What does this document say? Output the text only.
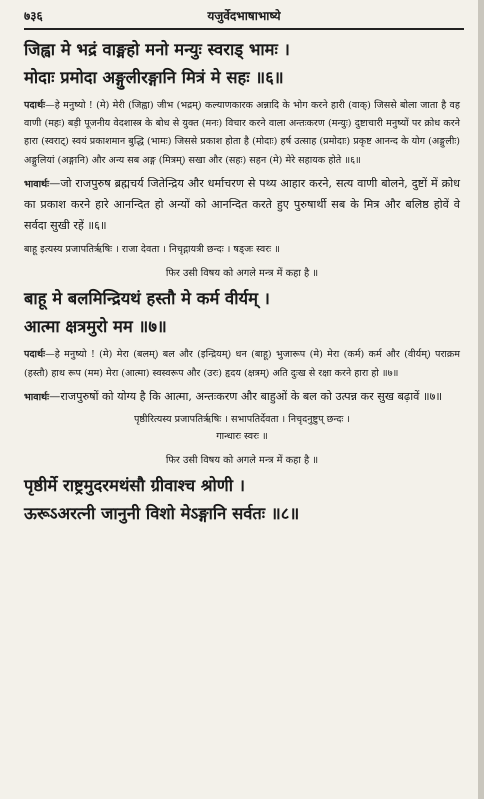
७३६	यजुर्वेदभाषाभाष्ये
जिह्वा मे भद्रं वाङ्महो मनो मन्युः स्वराड् भामः ।
मोदाः प्रमोदा अङ्गुलीरङ्गानि मित्रं मे सहः ॥६॥
पदार्थः—हे मनुष्यो ! (मे) मेरी (जिह्वा) जीभ (भद्रम्) कल्याणकारक अन्नादि के भोग करने हारी (वाक्) जिससे बोला जाता है वह वाणी (महः) बड़ी पूजनीय वेदशास्त्र के बोध से युक्त (मनः) विचार करने वाला अन्तःकरण (मन्युः) दुष्टाचारी मनुष्यों पर क्रोध करने हारा (स्वराट्) स्वयं प्रकाशमान बुद्धि (भामः) जिससे प्रकाश होता है (मोदाः) हर्ष उत्साह (प्रमोदाः) प्रकृष्ट आनन्द के योग (अङ्गुलीः) अङ्गुलियां (अङ्गानि) और अन्य सब अङ्ग (मित्रम्) सखा और (सहः) सहन (मे) मेरे सहायक होते ॥६॥
भावार्थः—जो राजपुरुष ब्रह्मचर्य जितेन्द्रिय और धर्माचरण से पथ्य आहार करने, सत्य वाणी बोलने, दुष्टों में क्रोध का प्रकाश करने हारे आनन्दित हो अन्यों को आनन्दित करते हुए पुरुषार्थी सब के मित्र और बलिष्ठ होवें वे सर्वदा सुखी रहें ॥६॥
बाहू इत्यस्य प्रजापतिर्ऋषिः । राजा देवता । निचृद्गायत्री छन्दः । षड्जः स्वरः ॥
फिर उसी विषय को अगले मन्त्र में कहा है ॥
बाहू मे बलमिन्द्रियथं हस्तौ मे कर्म वीर्यम् ।
आत्मा क्षत्रमुरो मम ॥७॥
पदार्थः—हे मनुष्यो ! (मे) मेरा (बलम्) बल और (इन्द्रियम्) धन (बाहू) भुजारूप (मे) मेरा (कर्म) कर्म और (वीर्यम्) पराक्रम (हस्तौ) हाथ रूप (मम) मेरा (आत्मा) स्वस्वरूप और (उरः) हृदय (क्षत्रम्) अति दुःख से रक्षा करने हारा हो ॥७॥
भावार्थः—राजपुरुषों को योग्य है कि आत्मा, अन्तःकरण और बाहुओं के बल को उत्पन्न कर सुख बढ़ावें ॥७॥
पृष्ठीरित्यस्य प्रजापतिर्ऋषिः । सभापतिर्देवता । निचृदनुष्टुप् छन्दः ।
गान्धारः स्वरः ॥
फिर उसी विषय को अगले मन्त्र में कहा है ॥
पृष्ठीर्मे राष्ट्रमुदरमथंसौ ग्रीवाश्च श्रोणी ।
ऊरूऽअरत्नी जानुनी विशो मेऽङ्गानि सर्वतः ॥८॥
